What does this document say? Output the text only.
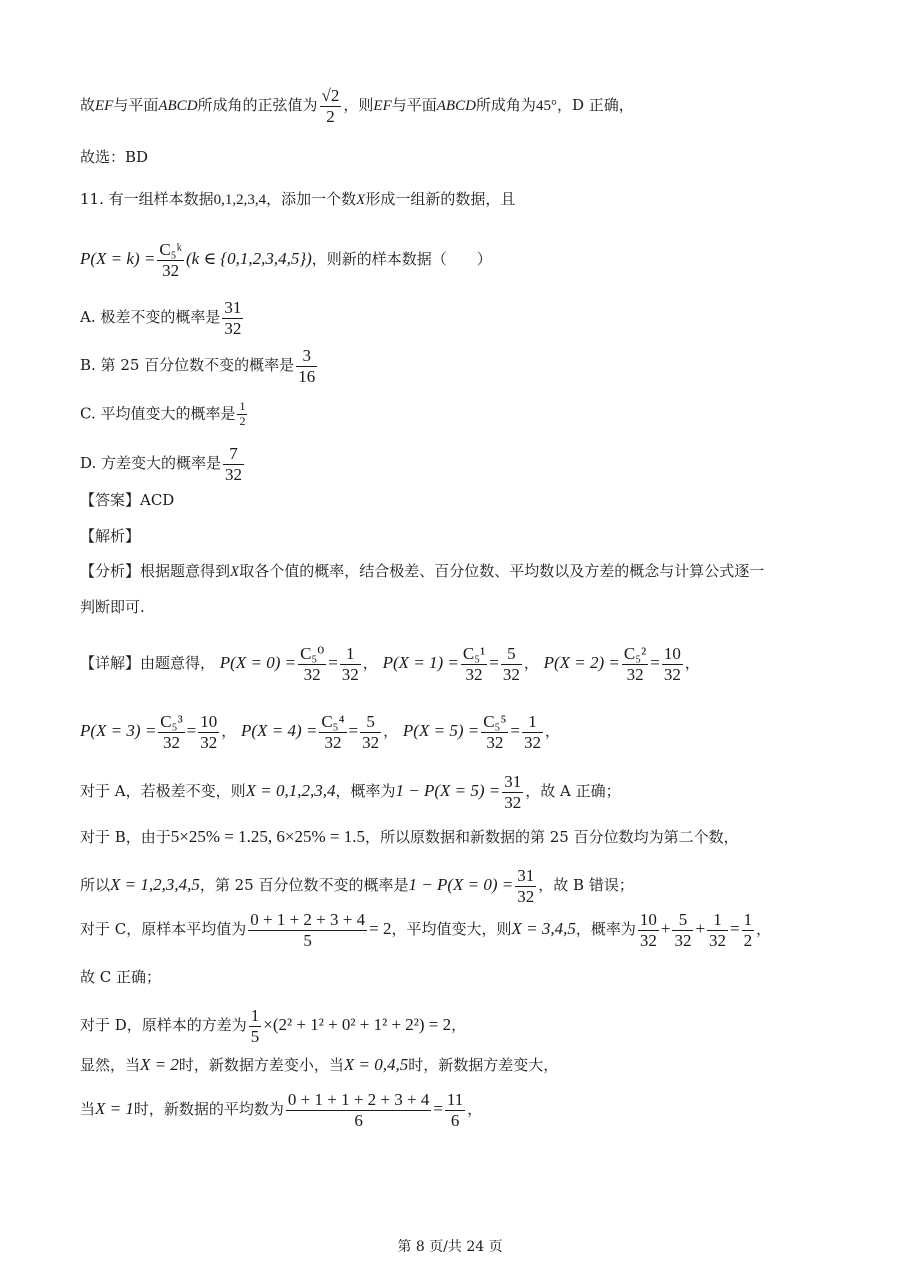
故EF与平面ABCD所成角的正弦值为 $\frac{√2}{2}$ ，则EF与平面ABCD所成角为45°，D 正确，
故选：BD
11. 有一组样本数据0,1,2,3,4，添加一个数X形成一组新的数据，且
$P(X = k) = \frac{\text{C₅ᵏ}}{32} (k$ ∈ {0,1,2,3,4,5})，则新的样本数据（　　）
A. 极差不变的概率是 $\frac{31}{32}$
B. 第 25 百分位数不变的概率是 $\frac{3}{16}$
C. 平均值变大的概率是 $\frac{1}{2}$
D. 方差变大的概率是 $\frac{7}{32}$
【答案】ACD
【解析】
【分析】根据题意得到X取各个值的概率，结合极差、百分位数、平均数以及方差的概念与计算公式逐一
判断即可.
【详解】由题意得， $P(X = 0) = \frac{\text{C₅⁰}}{32} = \frac{1}{32}$ ， $P(X = 1) = \frac{\text{C₅¹}}{32} = \frac{5}{32}$ ， $P(X = 2) = \frac{\text{C₅²}}{32} = \frac{10}{32}$ ，
$P(X = 3) = \frac{\text{C₅³}}{32} = \frac{10}{32}$ ， $P(X = 4) = \frac{\text{C₅⁴}}{32} = \frac{5}{32}$ ， $P(X = 5) = \frac{\text{C₅⁵}}{32} = \frac{1}{32}$ ，
对于 A，若极差不变，则X = 0,1,2,3,4，概率为$1 - P(X = 5) = \frac{31}{32}$ ，故 A 正确；
对于 B，由于5×25% = 1.25, 6×25% = 1.5，所以原数据和新数据的第 25 百分位数均为第二个数，
所以X = 1,2,3,4,5，第 25 百分位数不变的概率是$1 - P(X = 0) = \frac{31}{32}$ ，故 B 错误；
对于 C，原样本平均值为 $\frac{0 + 1 + 2 + 3 + 4}{5} = 2$，平均值变大，则X = 3,4,5，概率为 $\frac{10}{32} + \frac{5}{32} + \frac{1}{32} = \frac{1}{2}$ ，
故 C 正确；
对于 D，原样本的方差为 $\frac{1}{5} \times(2^2 + 1^2 + 0^2 + 1^2 + 2^2) = 2$，
显然，当X = 2时，新数据方差变小，当X = 0,4,5时，新数据方差变大，
当X = 1时，新数据的平均数为 $\frac{0 + 1 + 1 + 2 + 3 + 4}{6} = \frac{11}{6}$ ，
第 8 页/共 24 页
